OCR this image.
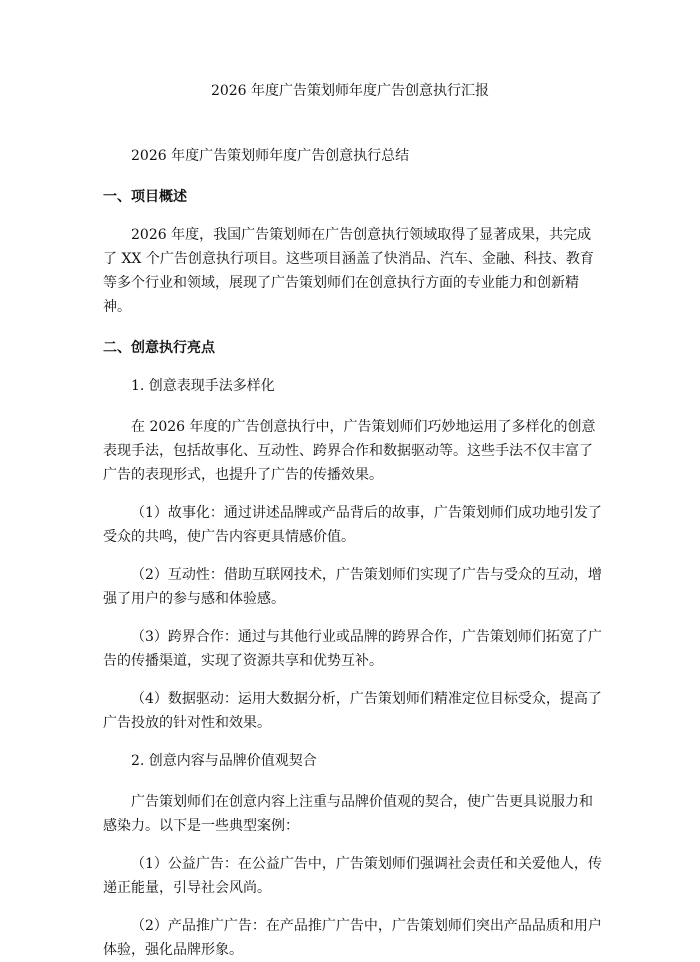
2026 年度广告策划师年度广告创意执行汇报

2026 年度广告策划师年度广告创意执行总结

一、项目概述

2026 年度，我国广告策划师在广告创意执行领域取得了显著成果，共完成了 XX 个广告创意执行项目。这些项目涵盖了快消品、汽车、金融、科技、教育等多个行业和领域，展现了广告策划师们在创意执行方面的专业能力和创新精神。

二、创意执行亮点

1. 创意表现手法多样化

在 2026 年度的广告创意执行中，广告策划师们巧妙地运用了多样化的创意表现手法，包括故事化、互动性、跨界合作和数据驱动等。这些手法不仅丰富了广告的表现形式，也提升了广告的传播效果。

（1）故事化：通过讲述品牌或产品背后的故事，广告策划师们成功地引发了受众的共鸣，使广告内容更具情感价值。

（2）互动性：借助互联网技术，广告策划师们实现了广告与受众的互动，增强了用户的参与感和体验感。

（3）跨界合作：通过与其他行业或品牌的跨界合作，广告策划师们拓宽了广告的传播渠道，实现了资源共享和优势互补。

（4）数据驱动：运用大数据分析，广告策划师们精准定位目标受众，提高了广告投放的针对性和效果。

2. 创意内容与品牌价值观契合

广告策划师们在创意内容上注重与品牌价值观的契合，使广告更具说服力和感染力。以下是一些典型案例：

（1）公益广告：在公益广告中，广告策划师们强调社会责任和关爱他人，传递正能量，引导社会风尚。

（2）产品推广广告：在产品推广广告中，广告策划师们突出产品品质和用户体验，强化品牌形象。
